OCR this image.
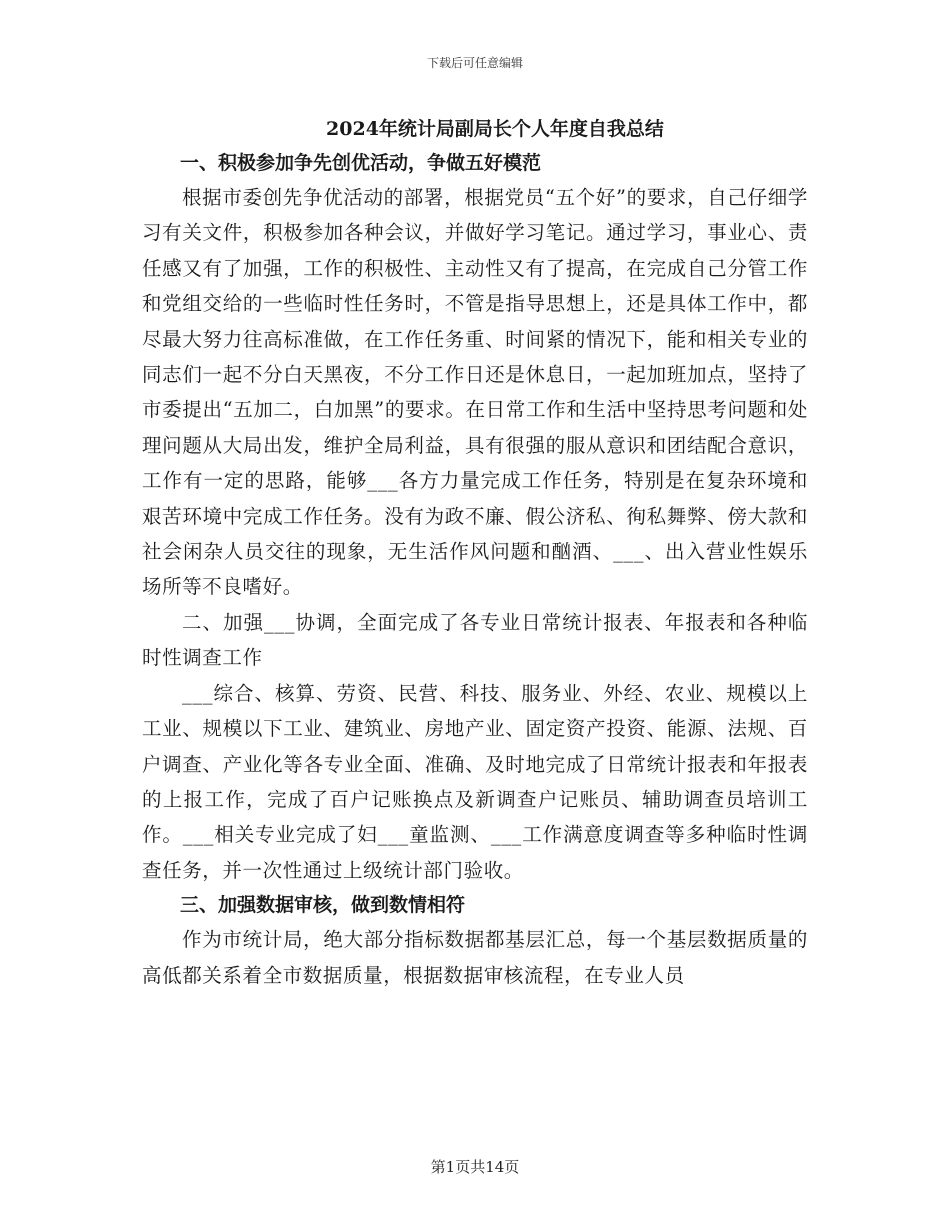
下载后可任意编辑
2024年统计局副局长个人年度自我总结
一、积极参加争先创优活动，争做五好模范

根据市委创先争优活动的部署，根据党员“五个好”的要求，自己仔细学习有关文件，积极参加各种会议，并做好学习笔记。通过学习，事业心、责任感又有了加强，工作的积极性、主动性又有了提高，在完成自己分管工作和党组交给的一些临时性任务时，不管是指导思想上，还是具体工作中，都尽最大努力往高标准做，在工作任务重、时间紧的情况下，能和相关专业的同志们一起不分白天黑夜，不分工作日还是休息日，一起加班加点，坚持了市委提出“五加二，白加黑”的要求。在日常工作和生活中坚持思考问题和处理问题从大局出发，维护全局利益，具有很强的服从意识和团结配合意识，工作有一定的思路，能够___各方力量完成工作任务，特别是在复杂环境和艰苦环境中完成工作任务。没有为政不廉、假公济私、徇私舞弊、傍大款和社会闲杂人员交往的现象，无生活作风问题和酗酒、___、出入营业性娱乐场所等不良嗜好。

二、加强___协调，全面完成了各专业日常统计报表、年报表和各种临时性调查工作

___综合、核算、劳资、民营、科技、服务业、外经、农业、规模以上工业、规模以下工业、建筑业、房地产业、固定资产投资、能源、法规、百户调查、产业化等各专业全面、准确、及时地完成了日常统计报表和年报表的上报工作，完成了百户记账换点及新调查户记账员、辅助调查员培训工作。___相关专业完成了妇___童监测、___工作满意度调查等多种临时性调查任务，并一次性通过上级统计部门验收。

三、加强数据审核，做到数情相符

作为市统计局，绝大部分指标数据都基层汇总，每一个基层数据质量的高低都关系着全市数据质量，根据数据审核流程，在专业人员

第1页共14页
